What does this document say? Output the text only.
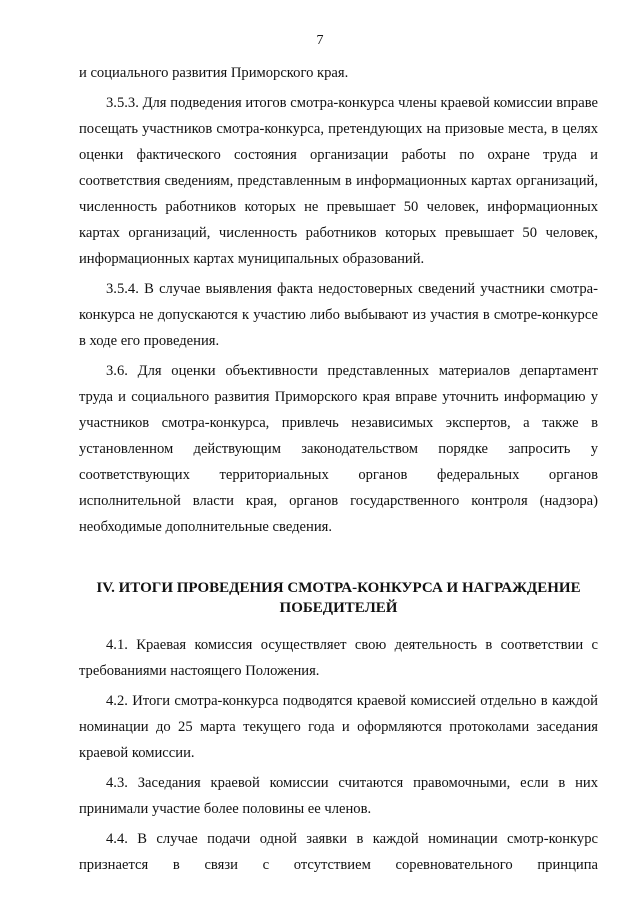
7

и социального развития Приморского края.

3.5.3. Для подведения итогов смотра-конкурса члены краевой комиссии вправе посещать участников смотра-конкурса, претендующих на призовые места, в целях оценки фактического состояния организации работы по охране труда и соответствия сведениям, представленным в информационных картах организаций, численность работников которых не превышает 50 человек, информационных картах организаций, численность работников которых превышает 50 человек, информационных картах муниципальных образований.

3.5.4. В случае выявления факта недостоверных сведений участники смотра-конкурса не допускаются к участию либо выбывают из участия в смотре-конкурсе в ходе его проведения.

3.6. Для оценки объективности представленных материалов департамент труда и социального развития Приморского края вправе уточнить информацию у участников смотра-конкурса, привлечь независимых экспертов, а также в установленном действующим законодательством порядке запросить у соответствующих территориальных органов федеральных органов исполнительной власти края, органов государственного контроля (надзора) необходимые дополнительные сведения.

IV. ИТОГИ ПРОВЕДЕНИЯ СМОТРА-КОНКУРСА И НАГРАЖДЕНИЕ ПОБЕДИТЕЛЕЙ

4.1. Краевая комиссия осуществляет свою деятельность в соответствии с требованиями настоящего Положения.

4.2. Итоги смотра-конкурса подводятся краевой комиссией отдельно в каждой номинации до 25 марта текущего года и оформляются протоколами заседания краевой комиссии.

4.3. Заседания краевой комиссии считаются правомочными, если в них принимали участие более половины ее членов.

4.4. В случае подачи одной заявки в каждой номинации смотр-конкурс признается в связи с отсутствием соревновательного принципа
